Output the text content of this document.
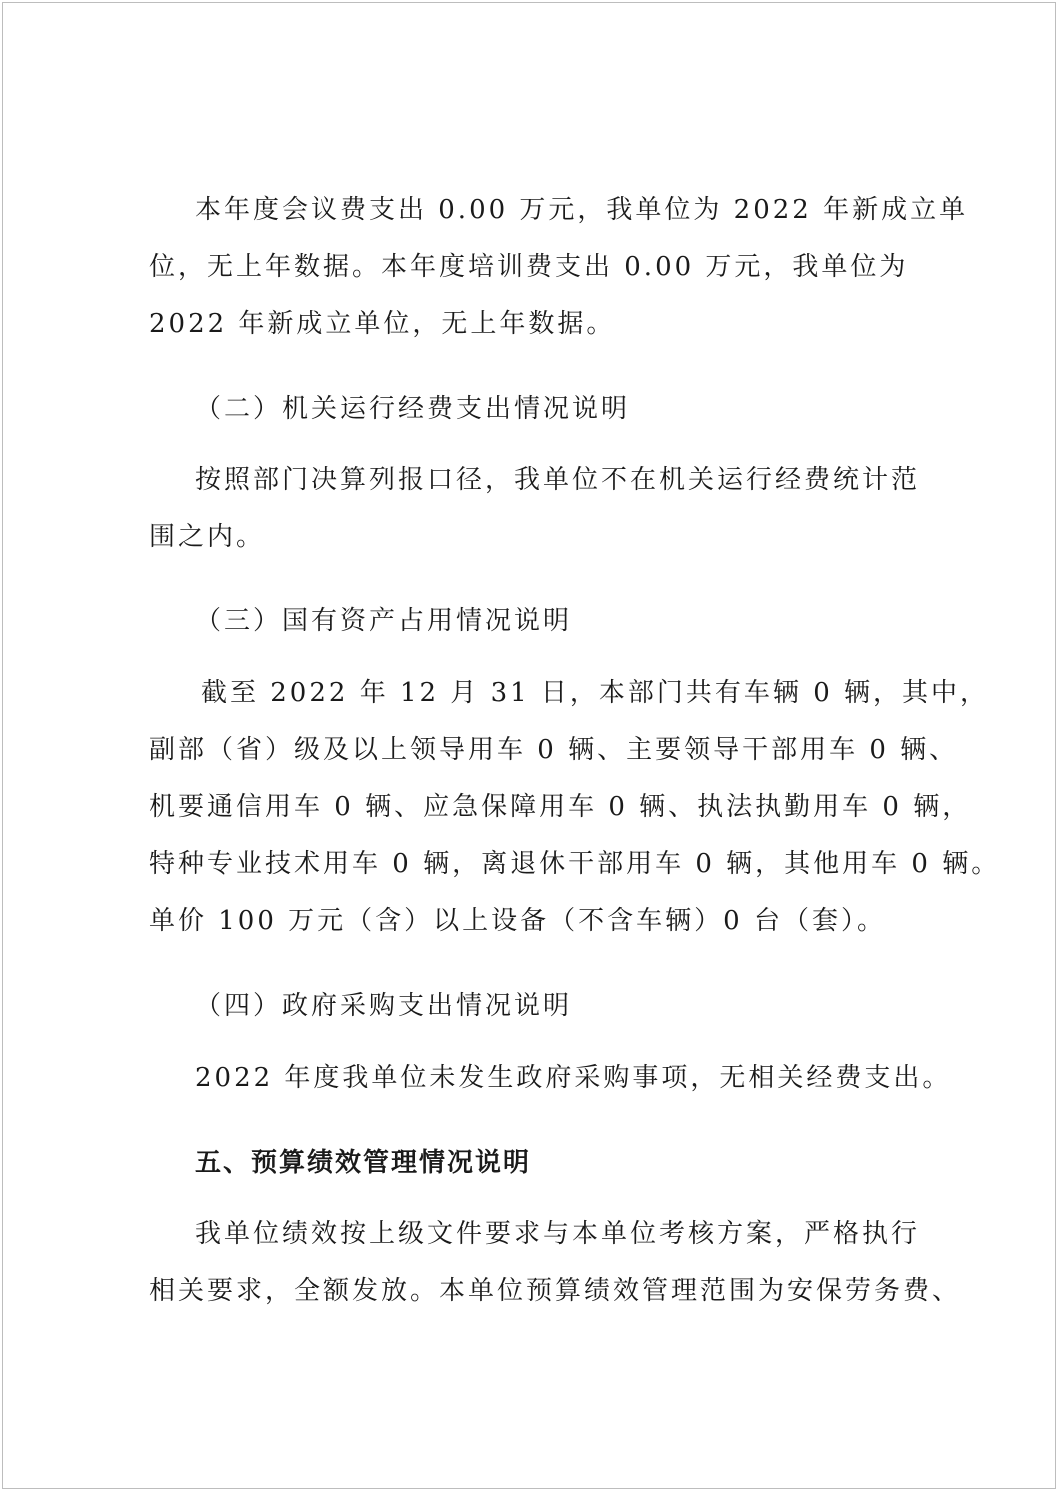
本年度会议费支出 0.00 万元，我单位为 2022 年新成立单
位，无上年数据。本年度培训费支出 0.00 万元，我单位为
2022 年新成立单位，无上年数据。
（二）机关运行经费支出情况说明
按照部门决算列报口径，我单位不在机关运行经费统计范
围之内。
（三）国有资产占用情况说明
截至 2022 年 12 月 31 日，本部门共有车辆 0 辆，其中，
副部（省）级及以上领导用车 0 辆、主要领导干部用车 0 辆、
机要通信用车 0 辆、应急保障用车 0 辆、执法执勤用车 0 辆，
特种专业技术用车 0 辆，离退休干部用车 0 辆，其他用车 0 辆。
单价 100 万元（含）以上设备（不含车辆）0 台（套）。
（四）政府采购支出情况说明
2022 年度我单位未发生政府采购事项，无相关经费支出。
五、预算绩效管理情况说明
我单位绩效按上级文件要求与本单位考核方案，严格执行
相关要求，全额发放。本单位预算绩效管理范围为安保劳务费、
